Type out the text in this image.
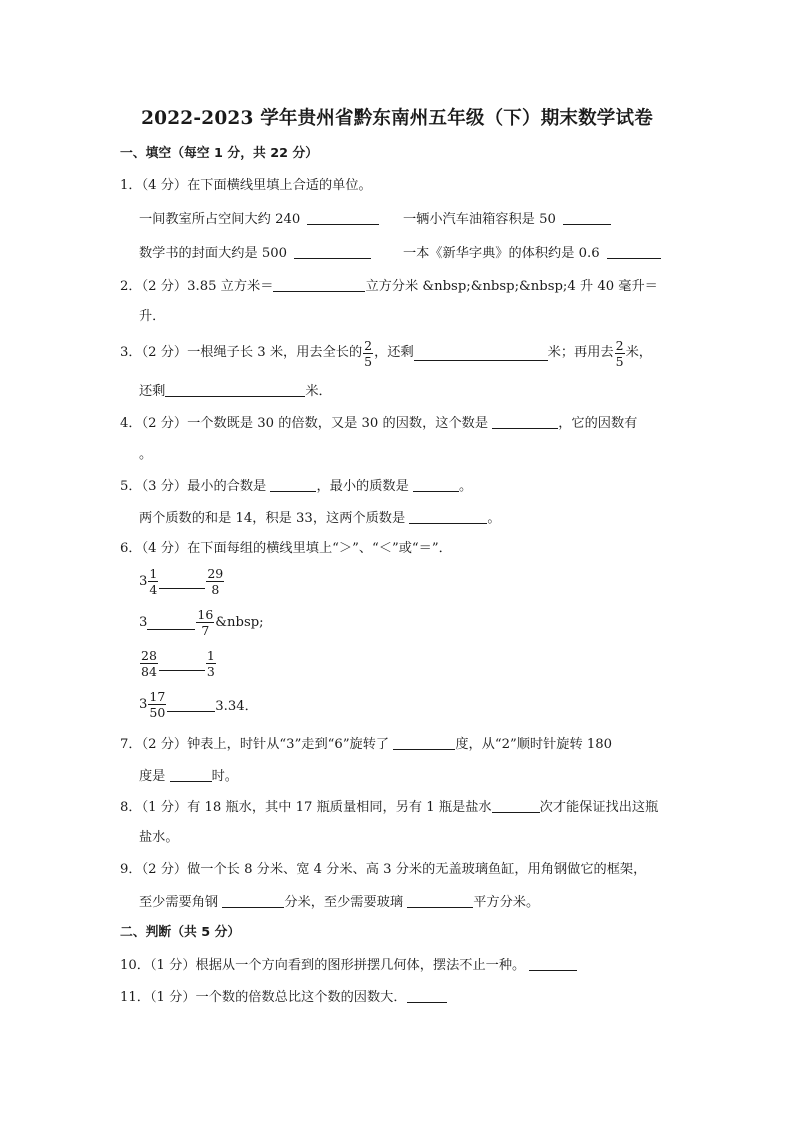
2022-2023 学年贵州省黔东南州五年级（下）期末数学试卷
一、填空（每空 1 分，共 22 分）
1．（4 分）在下面横线里填上合适的单位。
一间教室所占空间大约 240	一辆小汽车油箱容积是 50
数学书的封面大约是 500	一本《新华字典》的体积约是 0.6
2．（2 分）3.85 立方米＝	立方分米 &nbsp;&nbsp;&nbsp;4 升 40 毫升＝
升．
3．（2 分）一根绳子长 3 米，用去全长的 $\frac{2}{5}$ ，还剩	米；再用去 $\frac{2}{5}$ 米，
还剩	米．
4．（2 分）一个数既是 30 的倍数，又是 30 的因数，这个数是	，它的因数有
。
5．（3 分）最小的合数是	，最小的质数是	。
两个质数的和是 14，积是 33，这两个质数是	。
6．（4 分）在下面每组的横线里填上“＞”、“＜”或“＝”．
$3 \frac{1}{4}$	$\frac{29}{8}$
3	$\frac{16}{7}$ &nbsp;
$\frac{28}{84}$	$\frac{1}{3}$
$3 \frac{17}{50}$	3.34．
7．（2 分）钟表上，时针从“3”走到“6”旋转了	度，从“2”顺时针旋转 180
度是	时。
8．（1 分）有 18 瓶水，其中 17 瓶质量相同，另有 1 瓶是盐水	次才能保证找出这瓶
盐水。
9．（2 分）做一个长 8 分米、宽 4 分米、高 3 分米的无盖玻璃鱼缸，用角钢做它的框架，
至少需要角钢	分米，至少需要玻璃	平方分米。
二、判断（共 5 分）
10．（1 分）根据从一个方向看到的图形拼摆几何体，摆法不止一种。
11．（1 分）一个数的倍数总比这个数的因数大．
